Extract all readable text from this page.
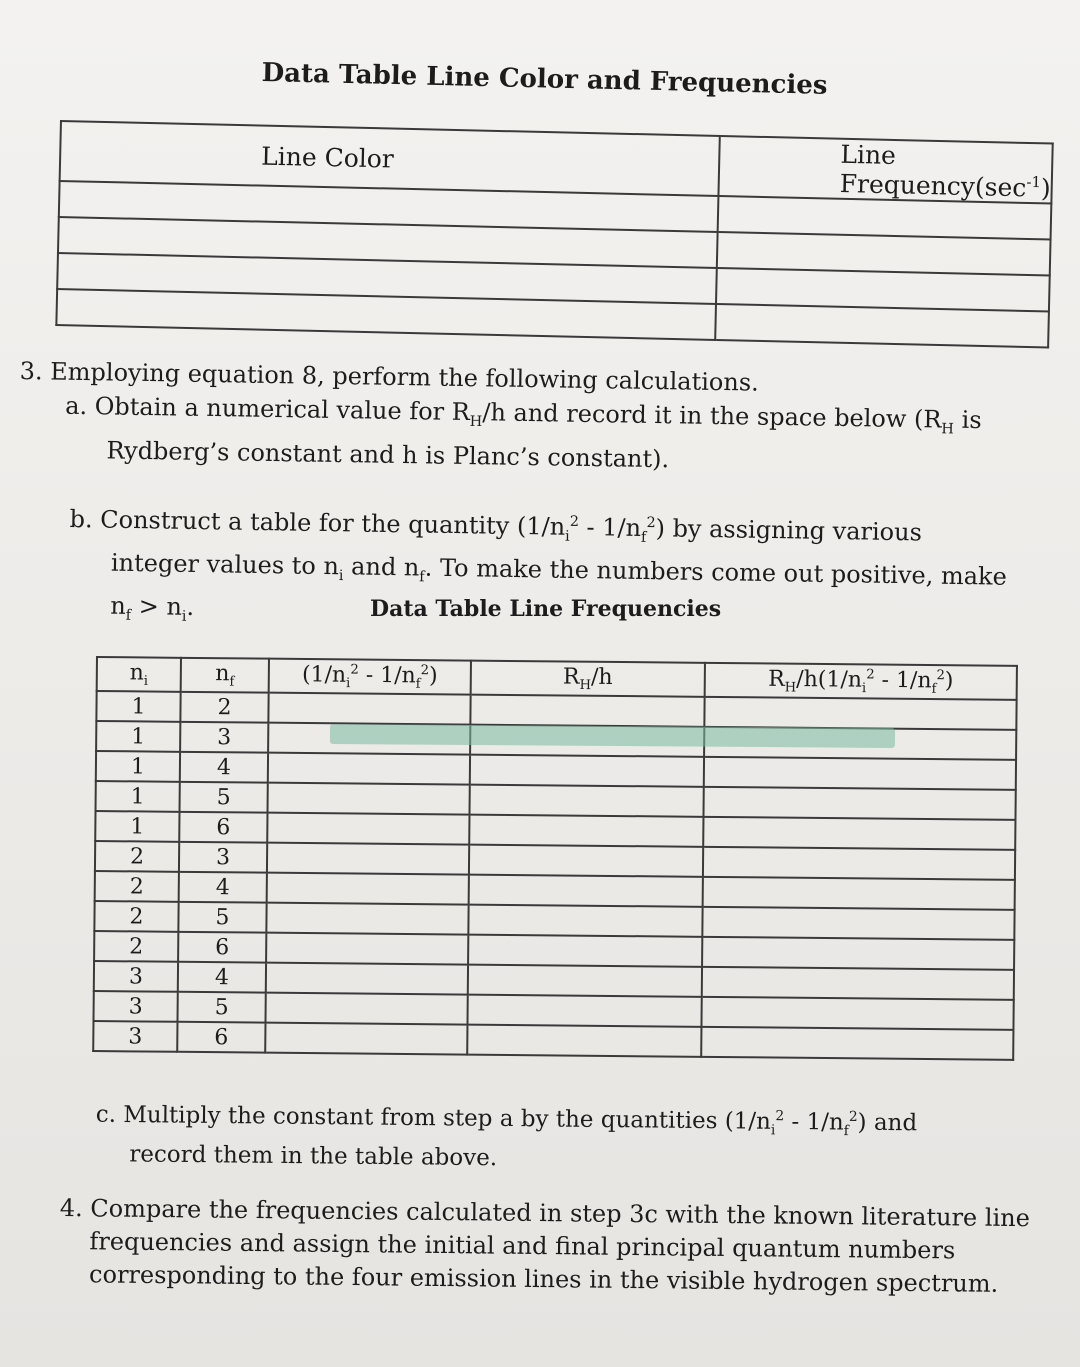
Data Table Line Color and Frequencies
Line Color	Line $Frequency(\sec^{-1})$

3. Employing equation 8, perform the following calculations.
a. Obtain a numerical value for $R_H/h$ and record it in the space below ($R_H$ is
Rydberg’s constant and h is Planc’s constant).
b. Construct a table for the quantity $(1/n_i^2 - 1/n_f^2)$ by assigning various
integer values to $n_i$ and $n_f$. To make the numbers come out positive, make
$n_f > n_i$.	Data Table Line Frequencies
$n_i$	$n_f$	$(1/n_i^2 - 1/n_f^2)$	$R_H/h$	$R_H/h(1/n_i^2 - 1/n_f^2)$
1	2			
1	3			
1	4			
1	5			
1	6			
2	3			
2	4			
2	5			
2	6			
3	4			
3	5			
3	6			
c. Multiply the constant from step a by the quantities $(1/n_i^2 - 1/n_f^2)$ and
record them in the table above.
4. Compare the frequencies calculated in step 3c with the known literature line
frequencies and assign the initial and final principal quantum numbers
corresponding to the four emission lines in the visible hydrogen spectrum.
